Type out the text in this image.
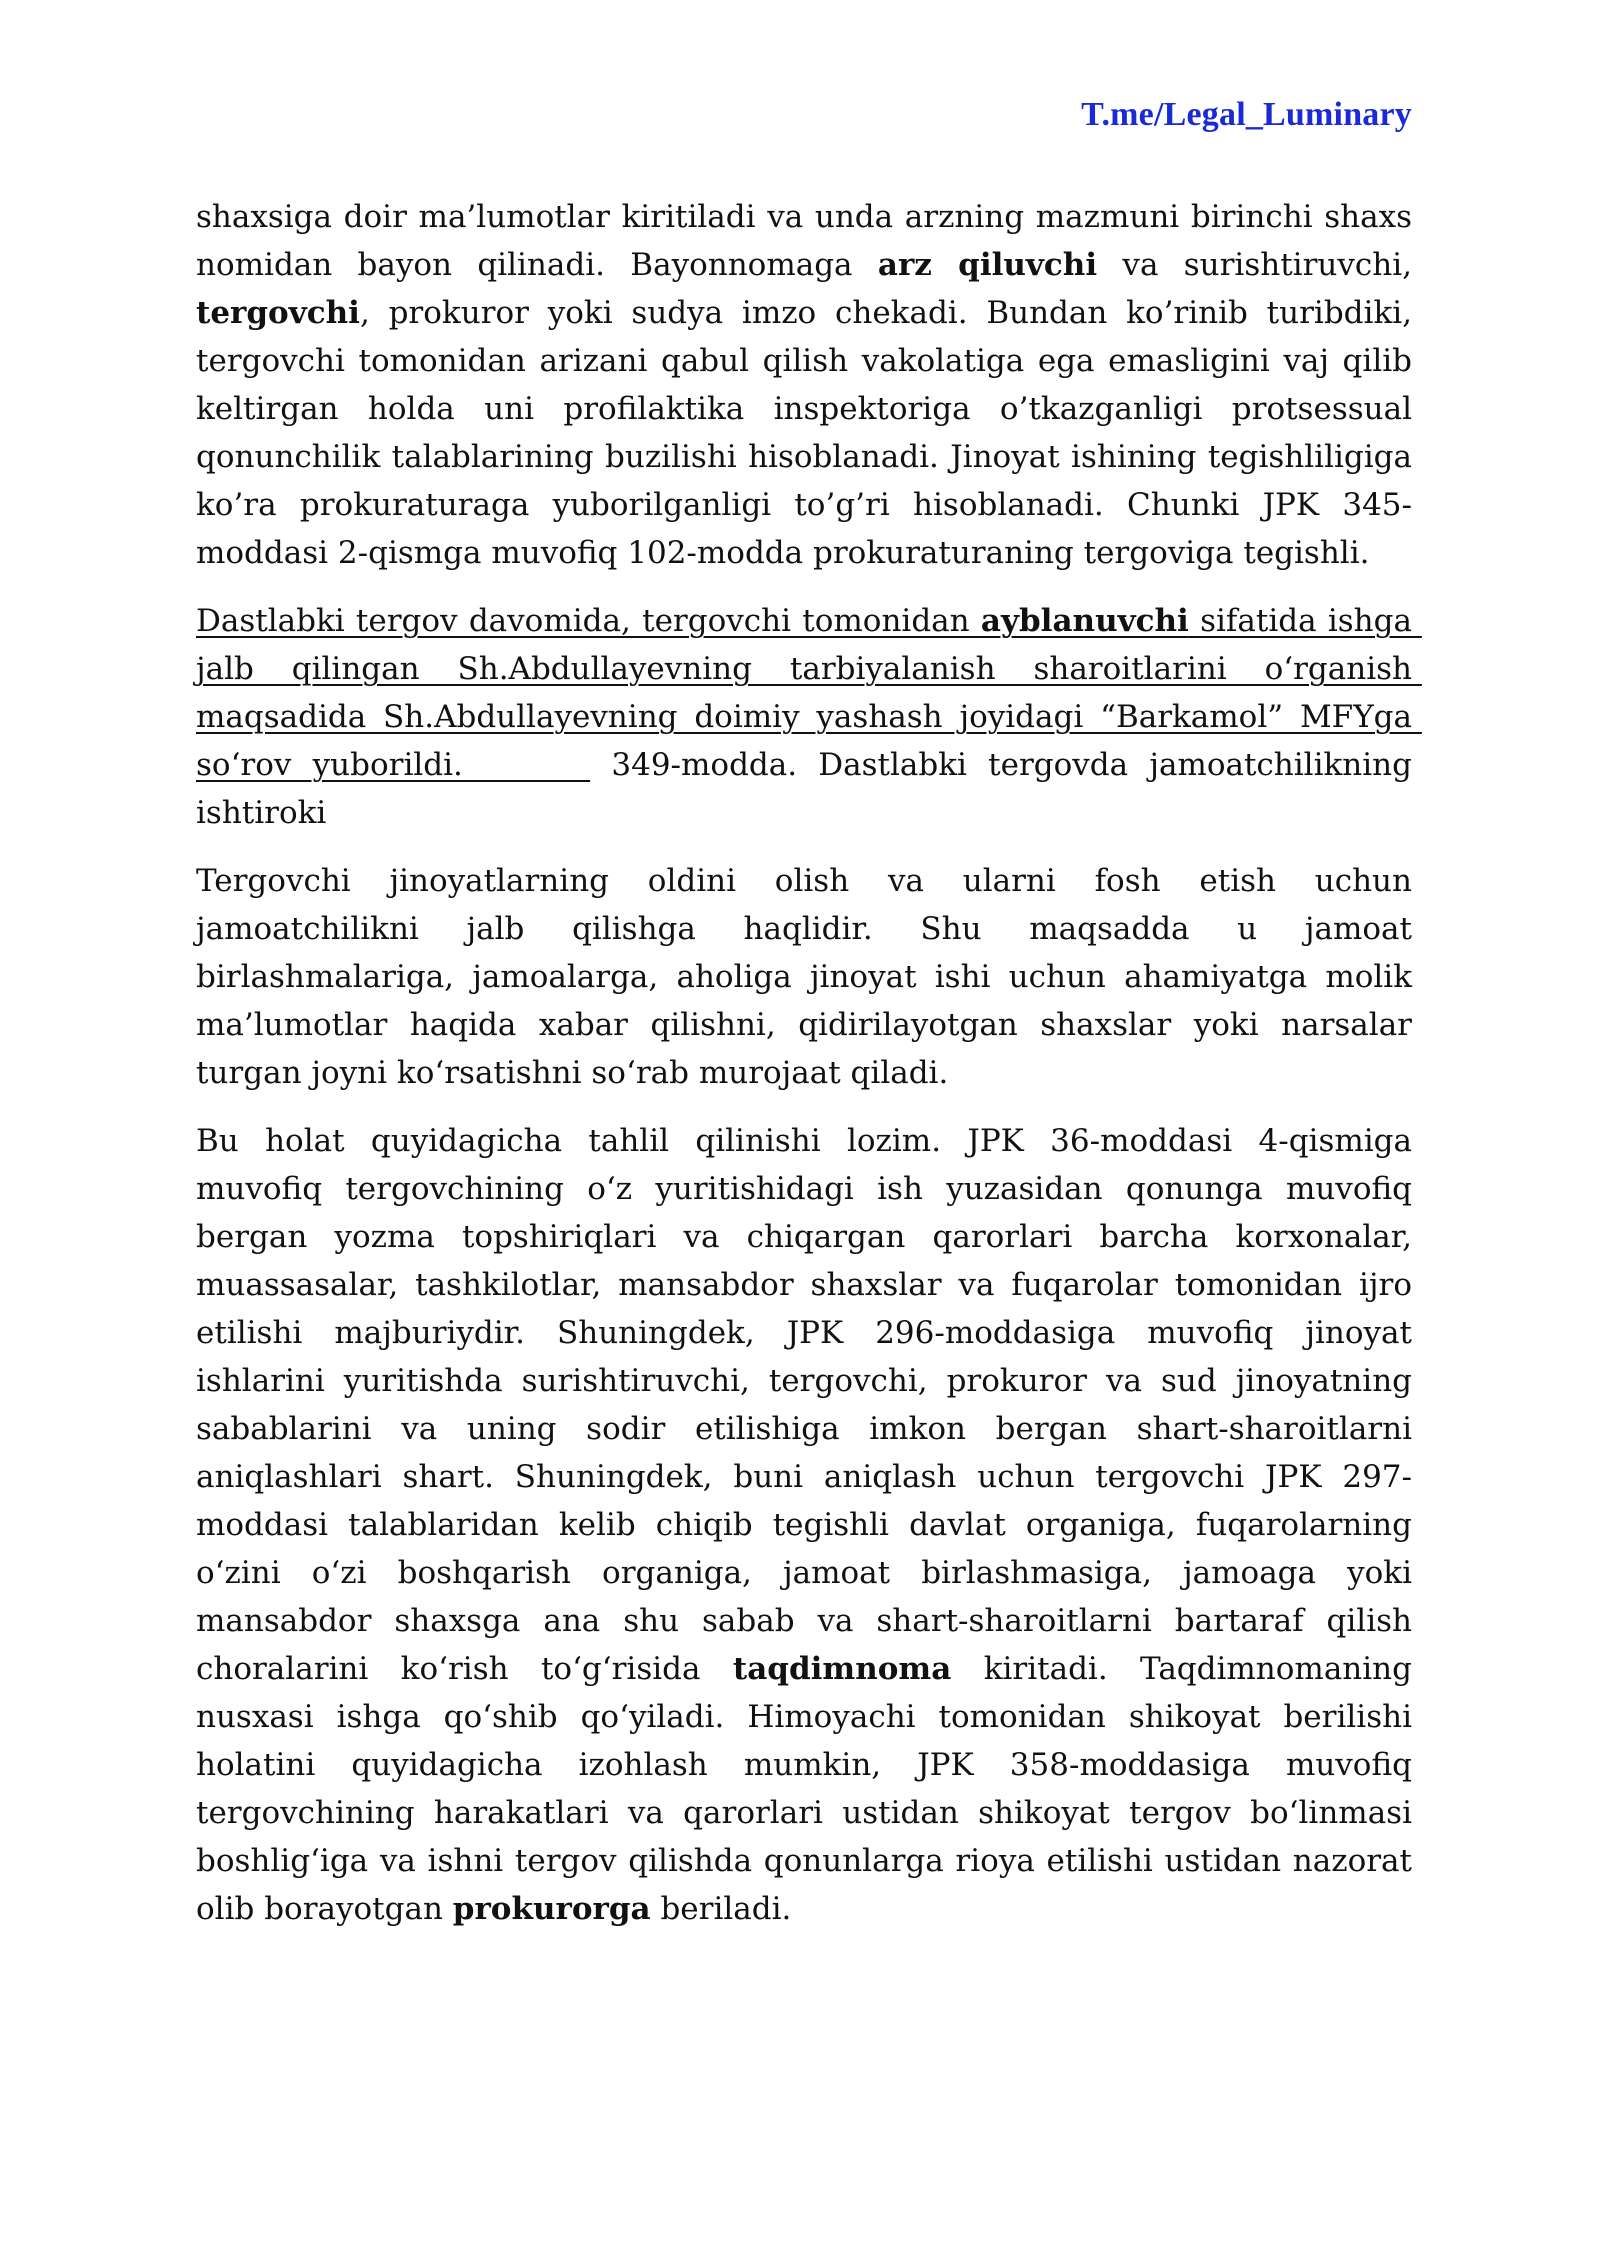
T.me/Legal_Luminary

shaxsiga doir ma’lumotlar kiritiladi va unda arzning mazmuni birinchi shaxs nomidan bayon qilinadi. Bayonnomaga arz qiluvchi va surishtiruvchi, tergovchi, prokuror yoki sudya imzo chekadi. Bundan ko’rinib turibdiki, tergovchi tomonidan arizani qabul qilish vakolatiga ega emasligini vaj qilib keltirgan holda uni profilaktika inspektoriga o’tkazganligi protsessual qonunchilik talablarining buzilishi hisoblanadi. Jinoyat ishining tegishliligiga ko’ra prokuraturaga yuborilganligi to’g’ri hisoblanadi. Chunki JPK 345-moddasi 2-qismga muvofiq 102-modda prokuraturaning tergoviga tegishli.

Dastlabki tergov davomida, tergovchi tomonidan ayblanuvchi sifatida ishga jalb qilingan Sh.Abdullayevning tarbiyalanish sharoitlarini o‘rganish maqsadida Sh.Abdullayevning doimiy yashash joyidagi “Barkamol” MFYga so‘rov yuborildi.       349-modda. Dastlabki tergovda jamoatchilikning ishtiroki

Tergovchi jinoyatlarning oldini olish va ularni fosh etish uchun jamoatchilikni jalb qilishga haqlidir. Shu maqsadda u jamoat birlashmalariga, jamoalarga, aholiga jinoyat ishi uchun ahamiyatga molik ma’lumotlar haqida xabar qilishni, qidirilayotgan shaxslar yoki narsalar turgan joyni ko‘rsatishni so‘rab murojaat qiladi.

Bu holat quyidagicha tahlil qilinishi lozim. JPK 36-moddasi 4-qismiga muvofiq tergovchining o‘z yuritishidagi ish yuzasidan qonunga muvofiq bergan yozma topshiriqlari va chiqargan qarorlari barcha korxonalar, muassasalar, tashkilotlar, mansabdor shaxslar va fuqarolar tomonidan ijro etilishi majburiydir. Shuningdek, JPK 296-moddasiga muvofiq jinoyat ishlarini yuritishda surishtiruvchi, tergovchi, prokuror va sud jinoyatning sabablarini va uning sodir etilishiga imkon bergan shart-sharoitlarni aniqlashlari shart. Shuningdek, buni aniqlash uchun tergovchi JPK 297-moddasi talablaridan kelib chiqib tegishli davlat organiga, fuqarolarning o‘zini o‘zi boshqarish organiga, jamoat birlashmasiga, jamoaga yoki mansabdor shaxsga ana shu sabab va shart-sharoitlarni bartaraf qilish choralarini ko‘rish to‘g‘risida taqdimnoma kiritadi. Taqdimnomaning nusxasi ishga qo‘shib qo‘yiladi. Himoyachi tomonidan shikoyat berilishi holatini quyidagicha izohlash mumkin, JPK 358-moddasiga muvofiq tergovchining harakatlari va qarorlari ustidan shikoyat tergov bo‘linmasi boshlig‘iga va ishni tergov qilishda qonunlarga rioya etilishi ustidan nazorat olib borayotgan prokurorga beriladi.
